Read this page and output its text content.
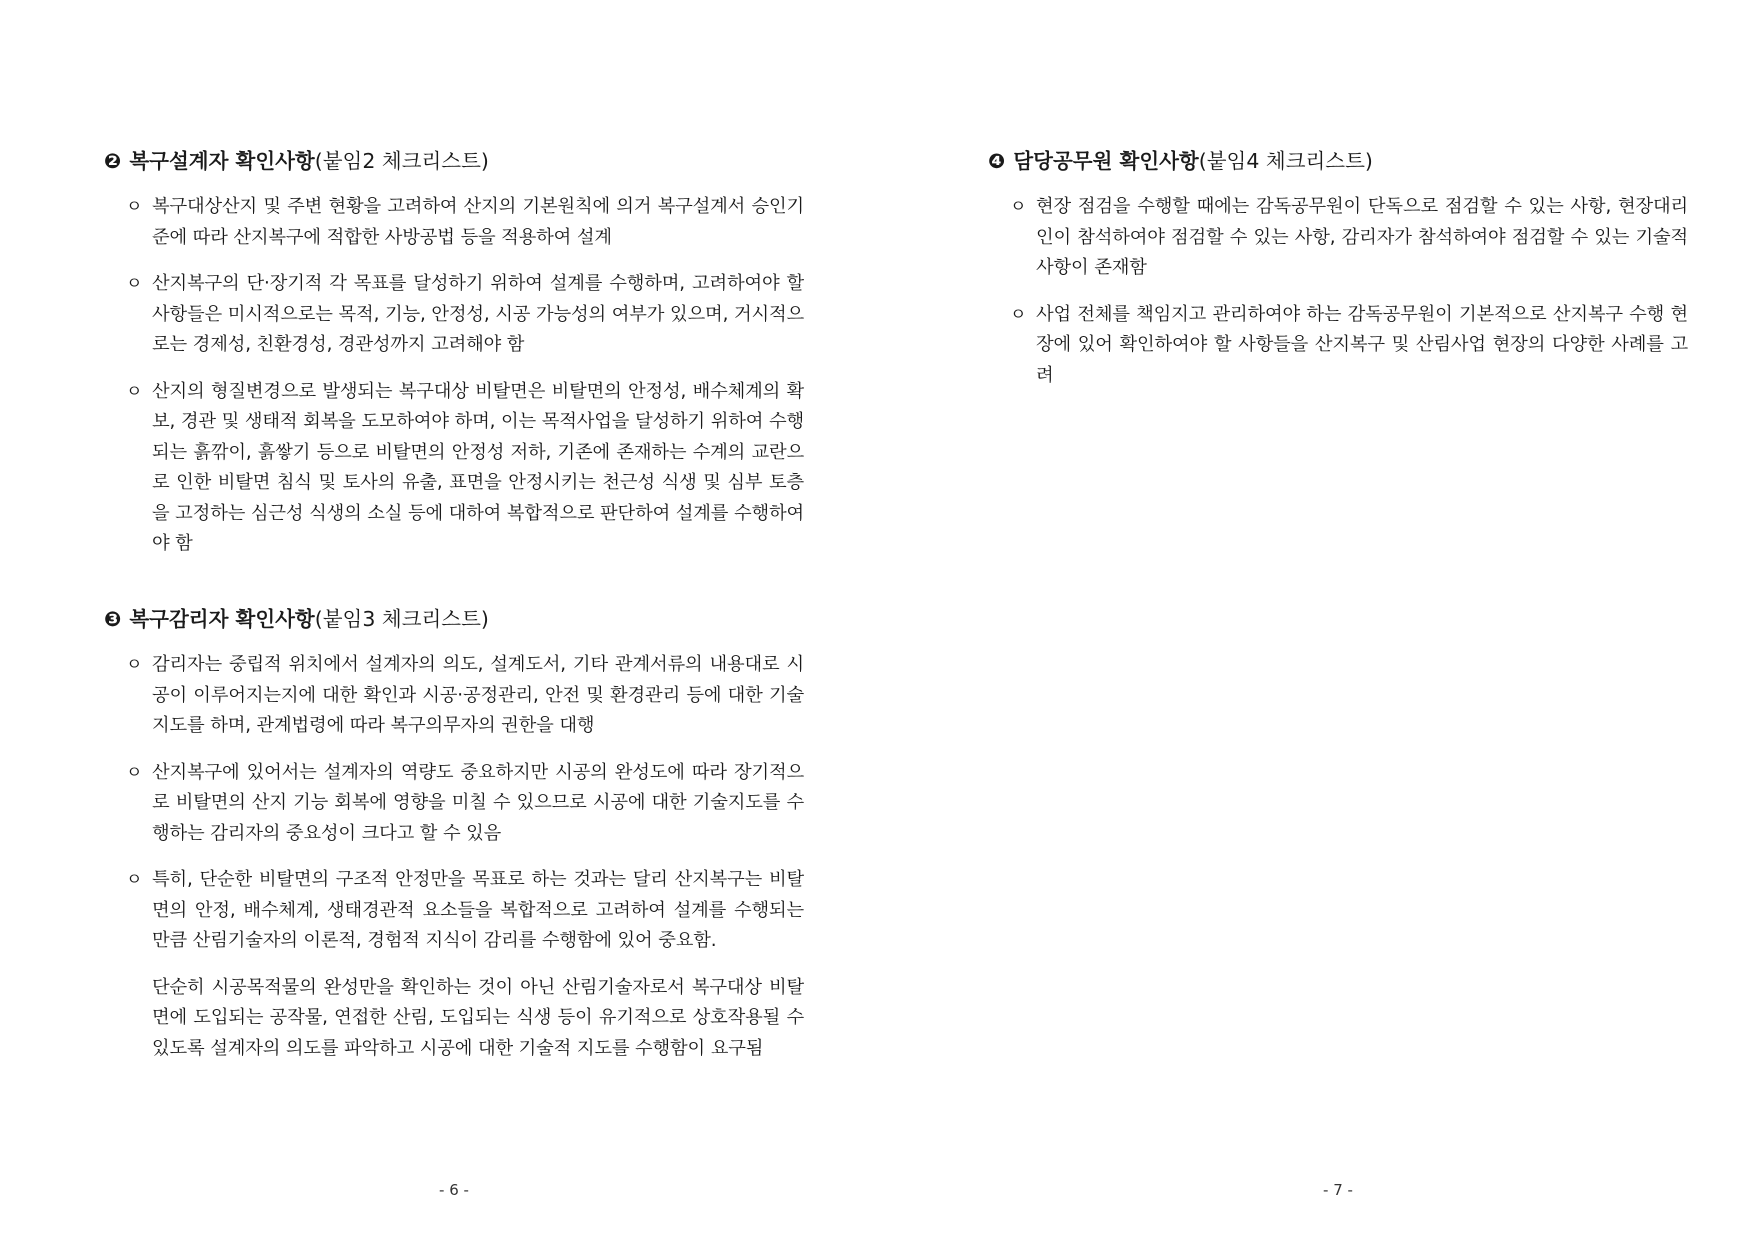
❷ 복구설계자 확인사항(붙임2 체크리스트)
ㅇ 복구대상산지 및 주변 현황을 고려하여 산지의 기본원칙에 의거 복구설계서 승인기준에 따라 산지복구에 적합한 사방공법 등을 적용하여 설계
ㅇ 산지복구의 단·장기적 각 목표를 달성하기 위하여 설계를 수행하며, 고려하여야 할 사항들은 미시적으로는 목적, 기능, 안정성, 시공 가능성의 여부가 있으며, 거시적으로는 경제성, 친환경성, 경관성까지 고려해야 함
ㅇ 산지의 형질변경으로 발생되는 복구대상 비탈면은 비탈면의 안정성, 배수체계의 확보, 경관 및 생태적 회복을 도모하여야 하며, 이는 목적사업을 달성하기 위하여 수행되는 흙깎이, 흙쌓기 등으로 비탈면의 안정성 저하, 기존에 존재하는 수계의 교란으로 인한 비탈면 침식 및 토사의 유출, 표면을 안정시키는 천근성 식생 및 심부 토층을 고정하는 심근성 식생의 소실 등에 대하여 복합적으로 판단하여 설계를 수행하여야 함
❸ 복구감리자 확인사항(붙임3 체크리스트)
ㅇ 감리자는 중립적 위치에서 설계자의 의도, 설계도서, 기타 관계서류의 내용대로 시공이 이루어지는지에 대한 확인과 시공·공정관리, 안전 및 환경관리 등에 대한 기술지도를 하며, 관계법령에 따라 복구의무자의 권한을 대행
ㅇ 산지복구에 있어서는 설계자의 역량도 중요하지만 시공의 완성도에 따라 장기적으로 비탈면의 산지 기능 회복에 영향을 미칠 수 있으므로 시공에 대한 기술지도를 수행하는 감리자의 중요성이 크다고 할 수 있음
ㅇ 특히, 단순한 비탈면의 구조적 안정만을 목표로 하는 것과는 달리 산지복구는 비탈면의 안정, 배수체계, 생태경관적 요소들을 복합적으로 고려하여 설계를 수행되는 만큼 산림기술자의 이론적, 경험적 지식이 감리를 수행함에 있어 중요함.
단순히 시공목적물의 완성만을 확인하는 것이 아닌 산림기술자로서 복구대상 비탈면에 도입되는 공작물, 연접한 산림, 도입되는 식생 등이 유기적으로 상호작용될 수 있도록 설계자의 의도를 파악하고 시공에 대한 기술적 지도를 수행함이 요구됨
- 6 -
❹ 담당공무원 확인사항(붙임4 체크리스트)
ㅇ 현장 점검을 수행할 때에는 감독공무원이 단독으로 점검할 수 있는 사항, 현장대리인이 참석하여야 점검할 수 있는 사항, 감리자가 참석하여야 점검할 수 있는 기술적 사항이 존재함
ㅇ 사업 전체를 책임지고 관리하여야 하는 감독공무원이 기본적으로 산지복구 수행 현장에 있어 확인하여야 할 사항들을 산지복구 및 산림사업 현장의 다양한 사례를 고려
- 7 -
